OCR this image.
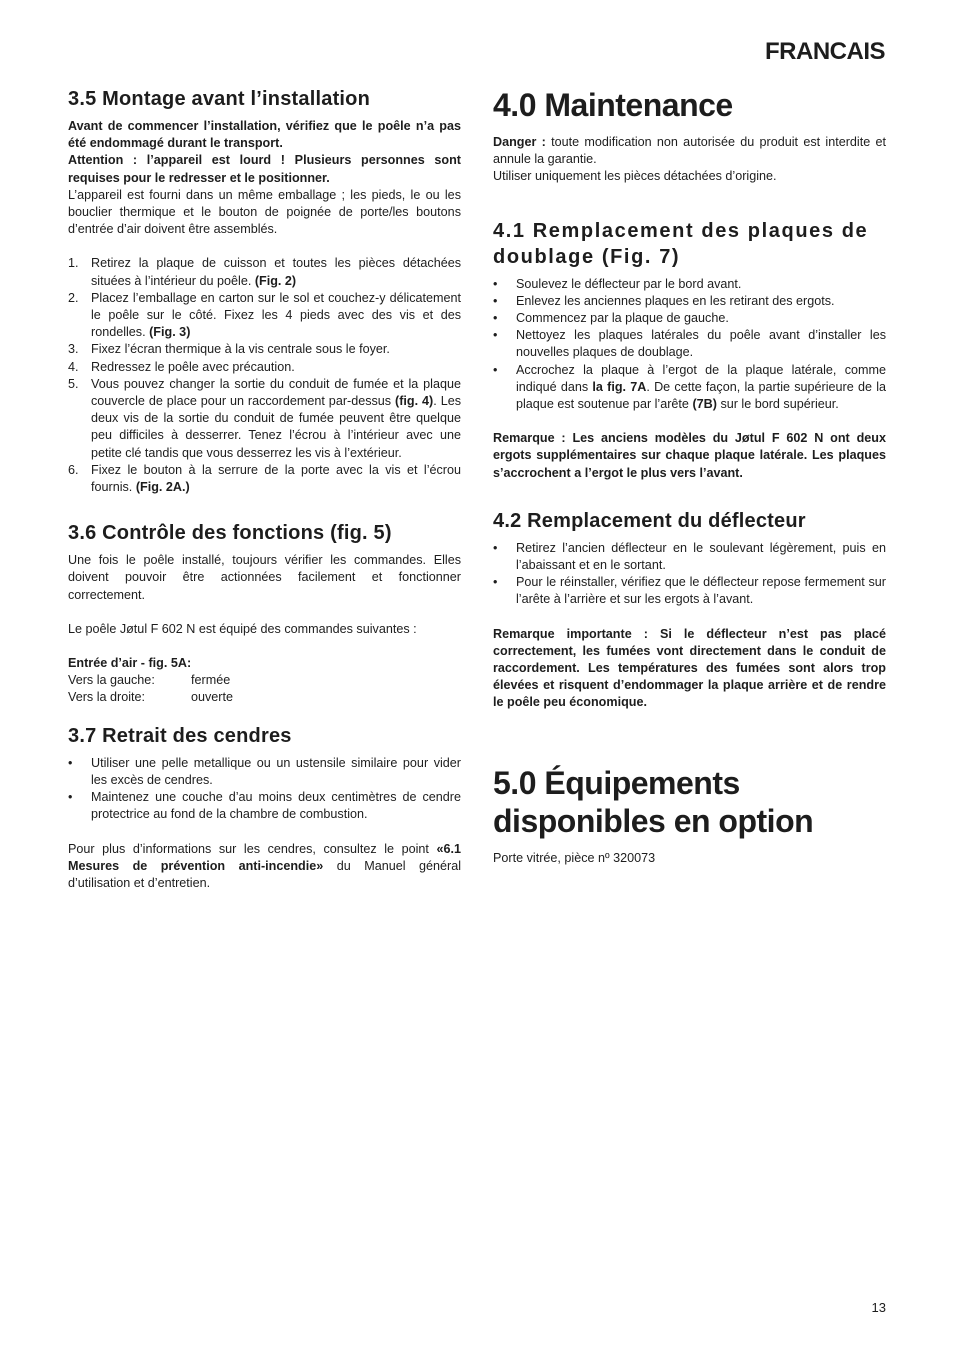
FRANCAIS
3.5 Montage avant l’installation

Avant de commencer l’installation, vérifiez que le poêle n’a pas été endommagé durant le transport.

Attention : l’appareil est lourd ! Plusieurs personnes sont requises pour le redresser et le positionner.

L’appareil est fourni dans un même emballage ; les pieds, le ou les bouclier thermique et le bouton de poignée de porte/les boutons d’entrée d’air doivent être assemblés.

1. Retirez la plaque de cuisson et toutes les pièces détachées situées à l’intérieur du poêle. (Fig. 2)
2. Placez l’emballage en carton sur le sol et couchez-y délicatement le poêle sur le côté. Fixez les 4 pieds avec des vis et des rondelles. (Fig. 3)
3. Fixez l’écran thermique à la vis centrale sous le foyer.
4. Redressez le poêle avec précaution.
5. Vous pouvez changer la sortie du conduit de fumée et la plaque couvercle de place pour un raccordement par-dessus (fig. 4). Les deux vis de la sortie du conduit de fumée peuvent être quelque peu difficiles à desserrer. Tenez l’écrou à l’intérieur avec une petite clé tandis que vous desserrez les vis à l’extérieur.
6. Fixez le bouton à la serrure de la porte avec la vis et l’écrou fournis. (Fig. 2A.)
3.6 Contrôle des fonctions (fig. 5)

Une fois le poêle installé, toujours vérifier les commandes. Elles doivent pouvoir être actionnées facilement et fonctionner correctement.

Le poêle Jøtul F 602 N est équipé des commandes suivantes :

Entrée d’air - fig. 5A:

Vers la gauche:	fermée

Vers la droite:	ouverte

3.7 Retrait des cendres
• Utiliser une pelle metallique ou un ustensile similaire pour vider les excès de cendres.
• Maintenez une couche d’au moins deux centimètres de cendre protectrice au fond de la chambre de combustion.

Pour plus d’informations sur les cendres, consultez le point «6.1 Mesures de prévention anti-incendie» du Manuel général d’utilisation et d’entretien.

4.0 Maintenance

Danger : toute modification non autorisée du produit est interdite et annule la garantie.

Utiliser uniquement les pièces détachées d’origine.

4.1 Remplacement des plaques de doublage (Fig. 7)
• Soulevez le déflecteur par le bord avant.
• Enlevez les anciennes plaques en les retirant des ergots.
• Commencez par la plaque de gauche.
• Nettoyez les plaques latérales du poêle avant d’installer les nouvelles plaques de doublage.
• Accrochez la plaque à l’ergot de la plaque latérale, comme indiqué dans la fig. 7A. De cette façon, la partie supérieure de la plaque est soutenue par l’arête (7B) sur le bord supérieur.

Remarque : Les anciens modèles du Jøtul F 602 N ont deux ergots supplémentaires sur chaque plaque latérale. Les plaques s’accrochent a l’ergot le plus vers l’avant.

4.2 Remplacement du déflecteur
• Retirez l’ancien déflecteur en le soulevant légèrement, puis en l’abaissant et en le sortant.
• Pour le réinstaller, vérifiez que le déflecteur repose fermement sur l’arête à l’arrière et sur les ergots à l’avant.

Remarque importante : Si le déflecteur n’est pas placé correctement, les fumées vont directement dans le conduit de raccordement. Les températures des fumées sont alors trop élevées et risquent d’endommager la plaque arrière et de rendre le poêle peu économique.

5.0 Équipements disponibles en option

Porte vitrée, pièce nº 320073

13
